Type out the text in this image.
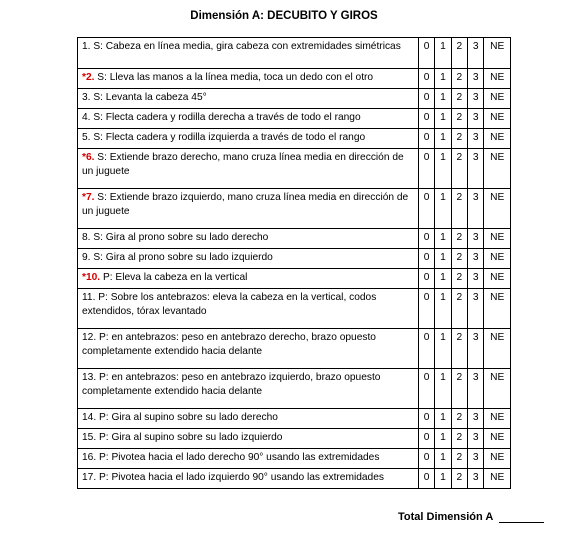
Dimensión A: DECUBITO Y GIROS
1. S: Cabeza en línea media, gira cabeza con extremidades simétricas	0	1	2	3	NE
*2. S: Lleva las manos a la línea media, toca un dedo con el otro	0	1	2	3	NE
3. S: Levanta la cabeza 45°	0	1	2	3	NE
4. S: Flecta cadera y rodilla derecha a través de todo el rango	0	1	2	3	NE
5. S: Flecta cadera y rodilla izquierda a través de todo el rango	0	1	2	3	NE
*6. S: Extiende brazo derecho, mano cruza línea media en dirección de un juguete	0	1	2	3	NE
*7. S: Extiende brazo izquierdo, mano cruza línea media en dirección de un juguete	0	1	2	3	NE
8. S: Gira al prono sobre su lado derecho	0	1	2	3	NE
9. S: Gira al prono sobre su lado izquierdo	0	1	2	3	NE
*10. P: Eleva la cabeza en la vertical	0	1	2	3	NE
11. P: Sobre los antebrazos: eleva la cabeza en la vertical, codos extendidos, tórax levantado	0	1	2	3	NE
12. P: en antebrazos: peso en antebrazo derecho, brazo opuesto completamente extendido hacia delante	0	1	2	3	NE
13. P: en antebrazos: peso en antebrazo izquierdo, brazo opuesto completamente extendido hacia delante	0	1	2	3	NE
14. P: Gira al supino sobre su lado derecho	0	1	2	3	NE
15. P: Gira al supino sobre su lado izquierdo	0	1	2	3	NE
16. P: Pivotea hacia el lado derecho 90° usando las extremidades	0	1	2	3	NE
17. P: Pivotea hacia el lado izquierdo 90° usando las extremidades	0	1	2	3	NE
Total Dimensión A
